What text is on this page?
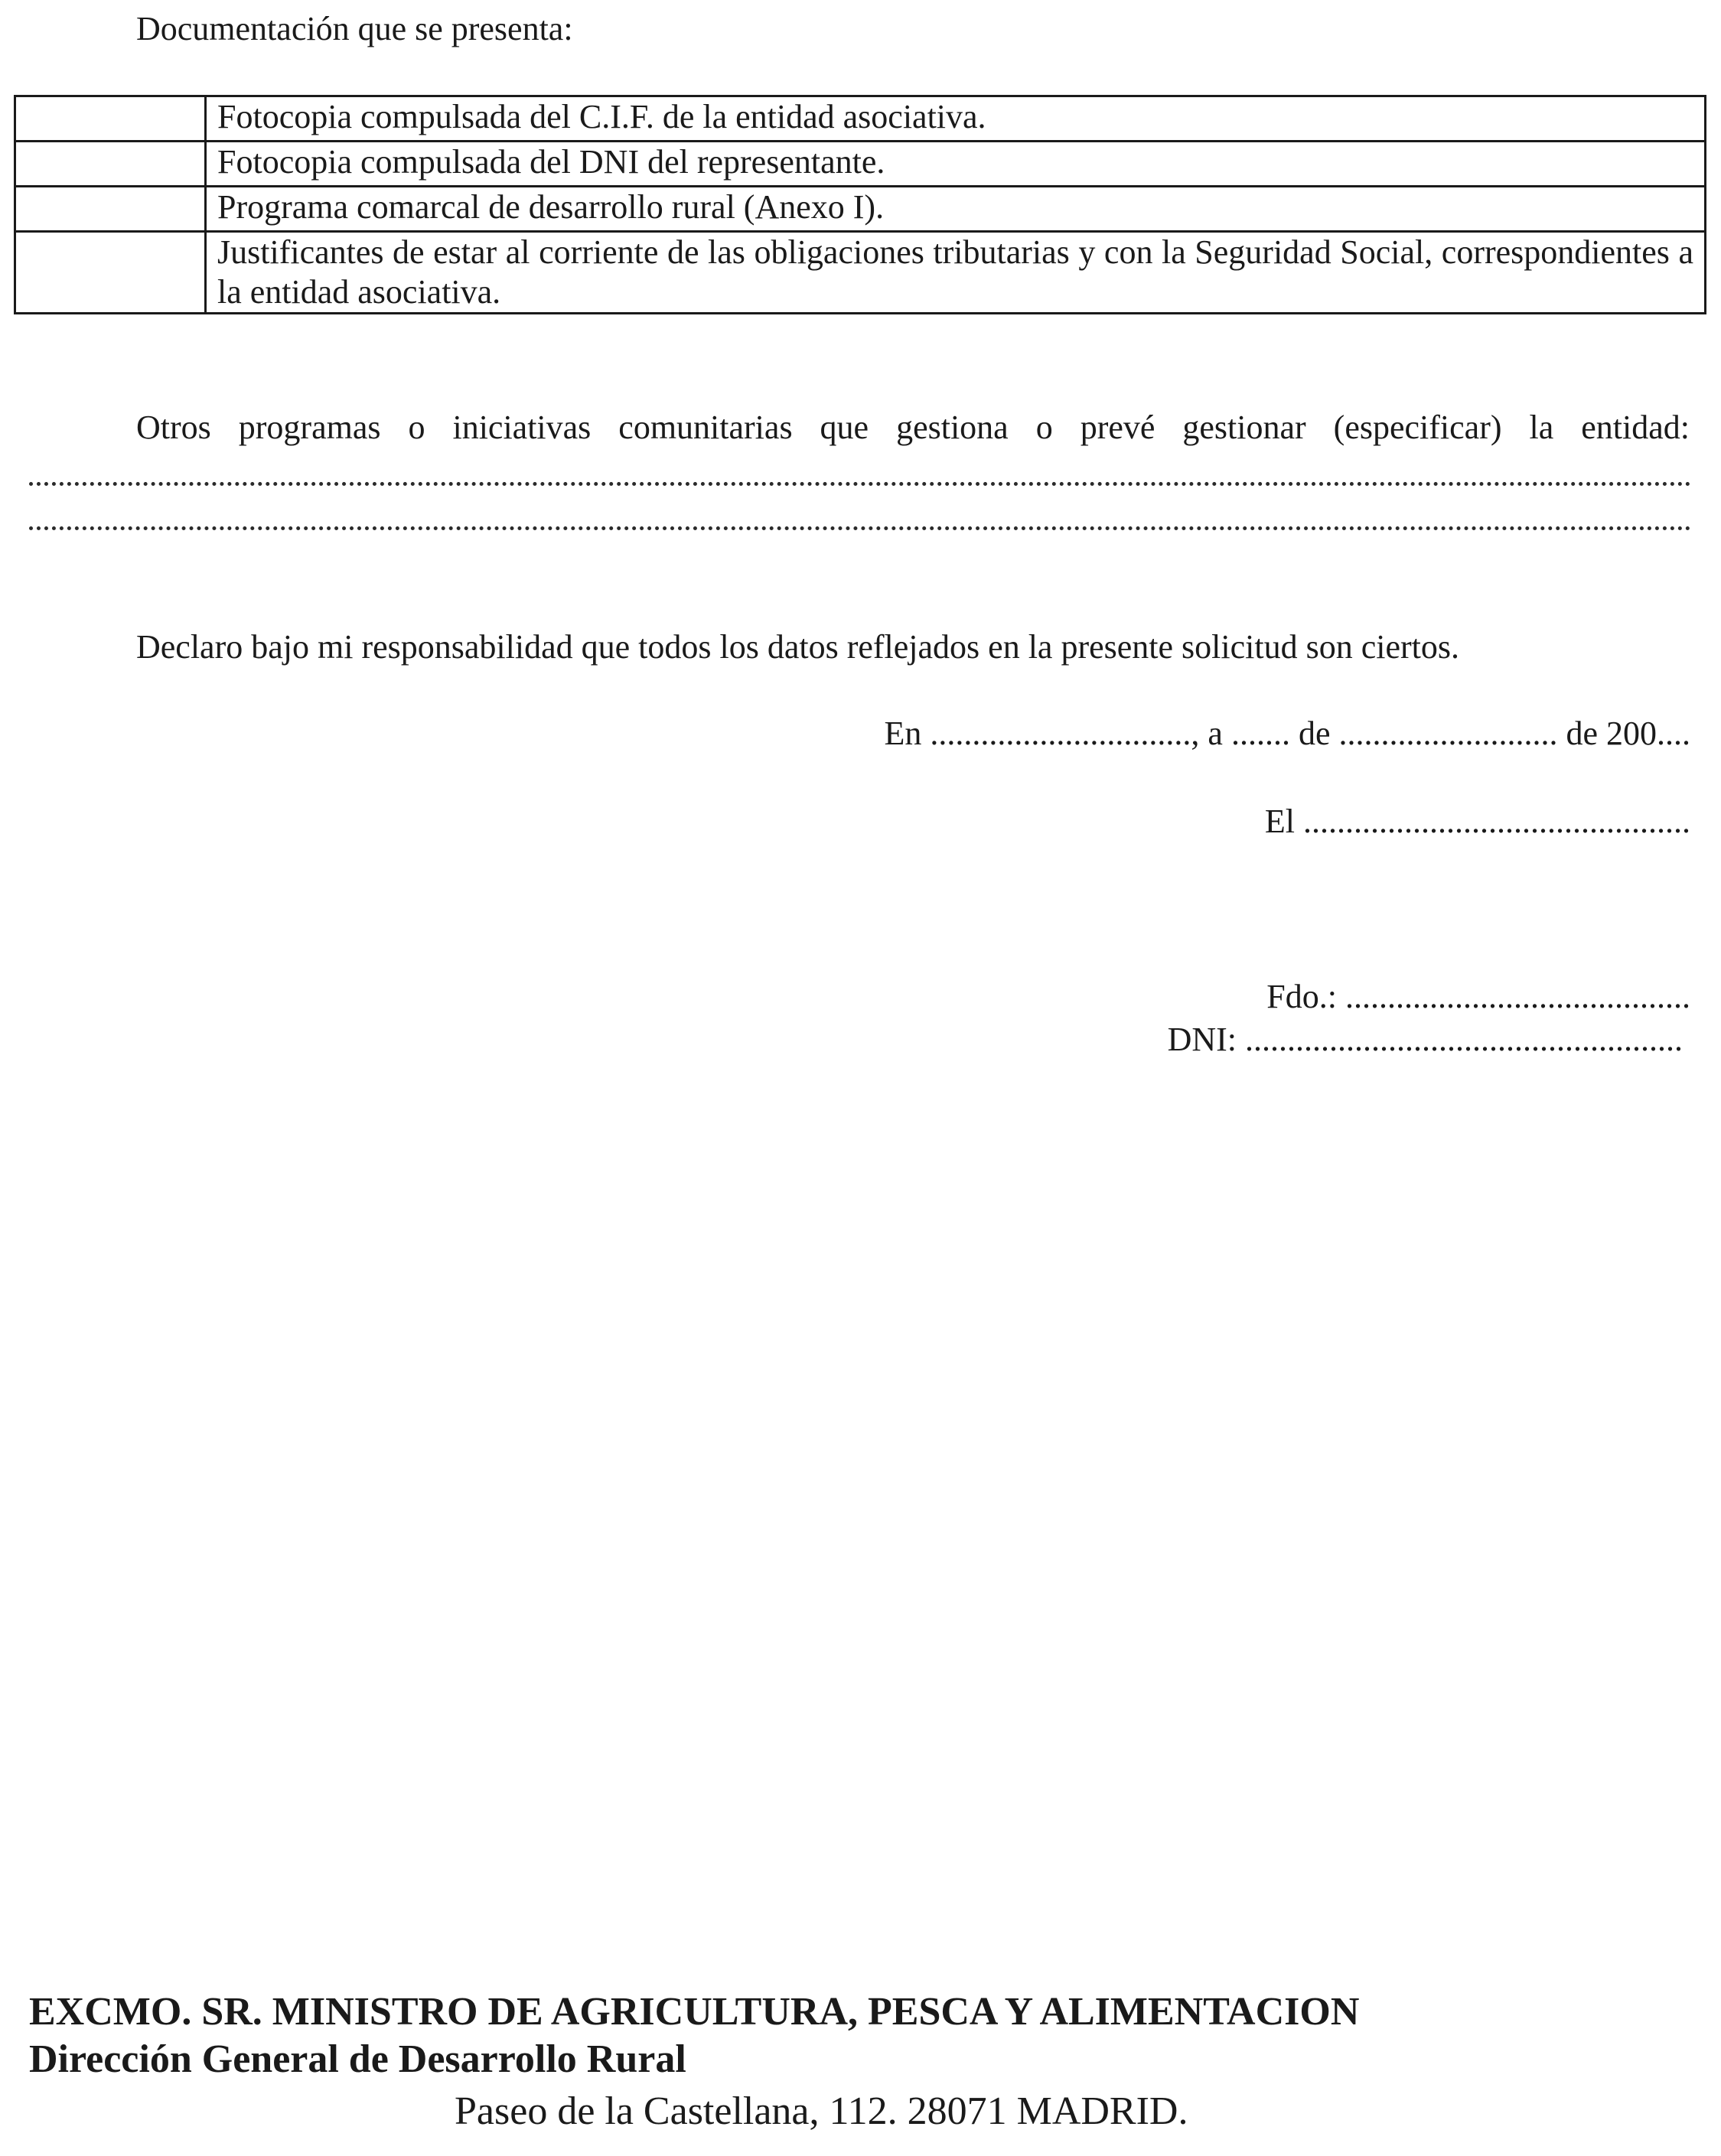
Documentación que se presenta:
	Fotocopia compulsada del C.I.F. de la entidad asociativa.
	Fotocopia compulsada del DNI del representante.
	Programa comarcal de desarrollo rural (Anexo I).
	Justificantes de estar al corriente de las obligaciones tributarias y con la Seguridad Social, correspondientes a la entidad asociativa.
Otros programas o iniciativas comunitarias que gestiona o prevé gestionar (especificar) la entidad:
Declaro bajo mi responsabilidad que todos los datos reflejados en la presente solicitud son ciertos.
En ..............................., a ....... de .......................... de 200....
El ..............................................
Fdo.: .........................................
DNI: ....................................................
EXCMO. SR. MINISTRO DE AGRICULTURA, PESCA Y ALIMENTACION
Dirección General de Desarrollo Rural
Paseo de la Castellana, 112. 28071 MADRID.
